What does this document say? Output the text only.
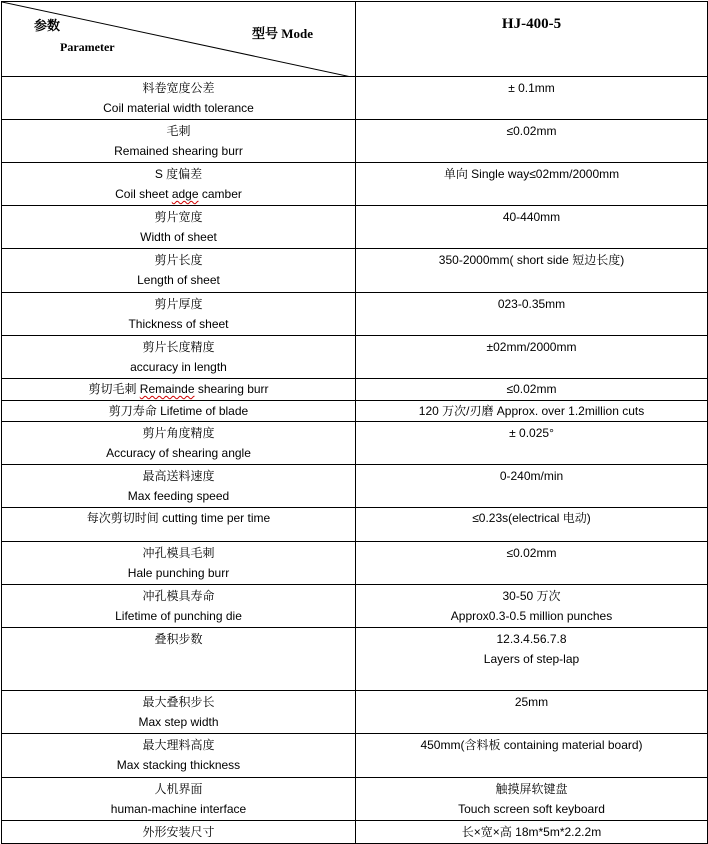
参数
Parameter
型号 Mode	HJ-400-5

料卷宽度公差
Coil material width tolerance	± 0.1mm

毛刺
Remained shearing burr	≤0.02mm

S 度偏差
Coil sheet adge camber	单向 Single way≤02mm/2000mm

剪片宽度
Width of sheet	40-440mm

剪片长度
Length of sheet	350-2000mm( short side 短边长度)

剪片厚度
Thickness of sheet	023-0.35mm

剪片长度精度
accuracy in length	±02mm/2000mm

剪切毛刺 Remainde shearing burr	≤0.02mm

剪刀寿命 Lifetime of blade	120 万次/刃磨 Approx. over 1.2million cuts

剪片角度精度
Accuracy of shearing angle	± 0.025°

最高送料速度
Max feeding speed	0-240m/min

每次剪切时间 cutting time per time	≤0.23s(electrical 电动)

冲孔模具毛刺
Hale punching burr	≤0.02mm

冲孔模具寿命
Lifetime of punching die	30-50 万次
Approx0.3-0.5 million punches

叠积步数	12.3.4.56.7.8
Layers of step-lap

最大叠积步长
Max step width	25mm

最大理料高度
Max stacking thickness	450mm(含料板 containing material board)

人机界面
human-machine interface	触摸屏软键盘
Touch screen soft keyboard

外形安装尺寸	长×宽×高 18m*5m*2.2.2m
